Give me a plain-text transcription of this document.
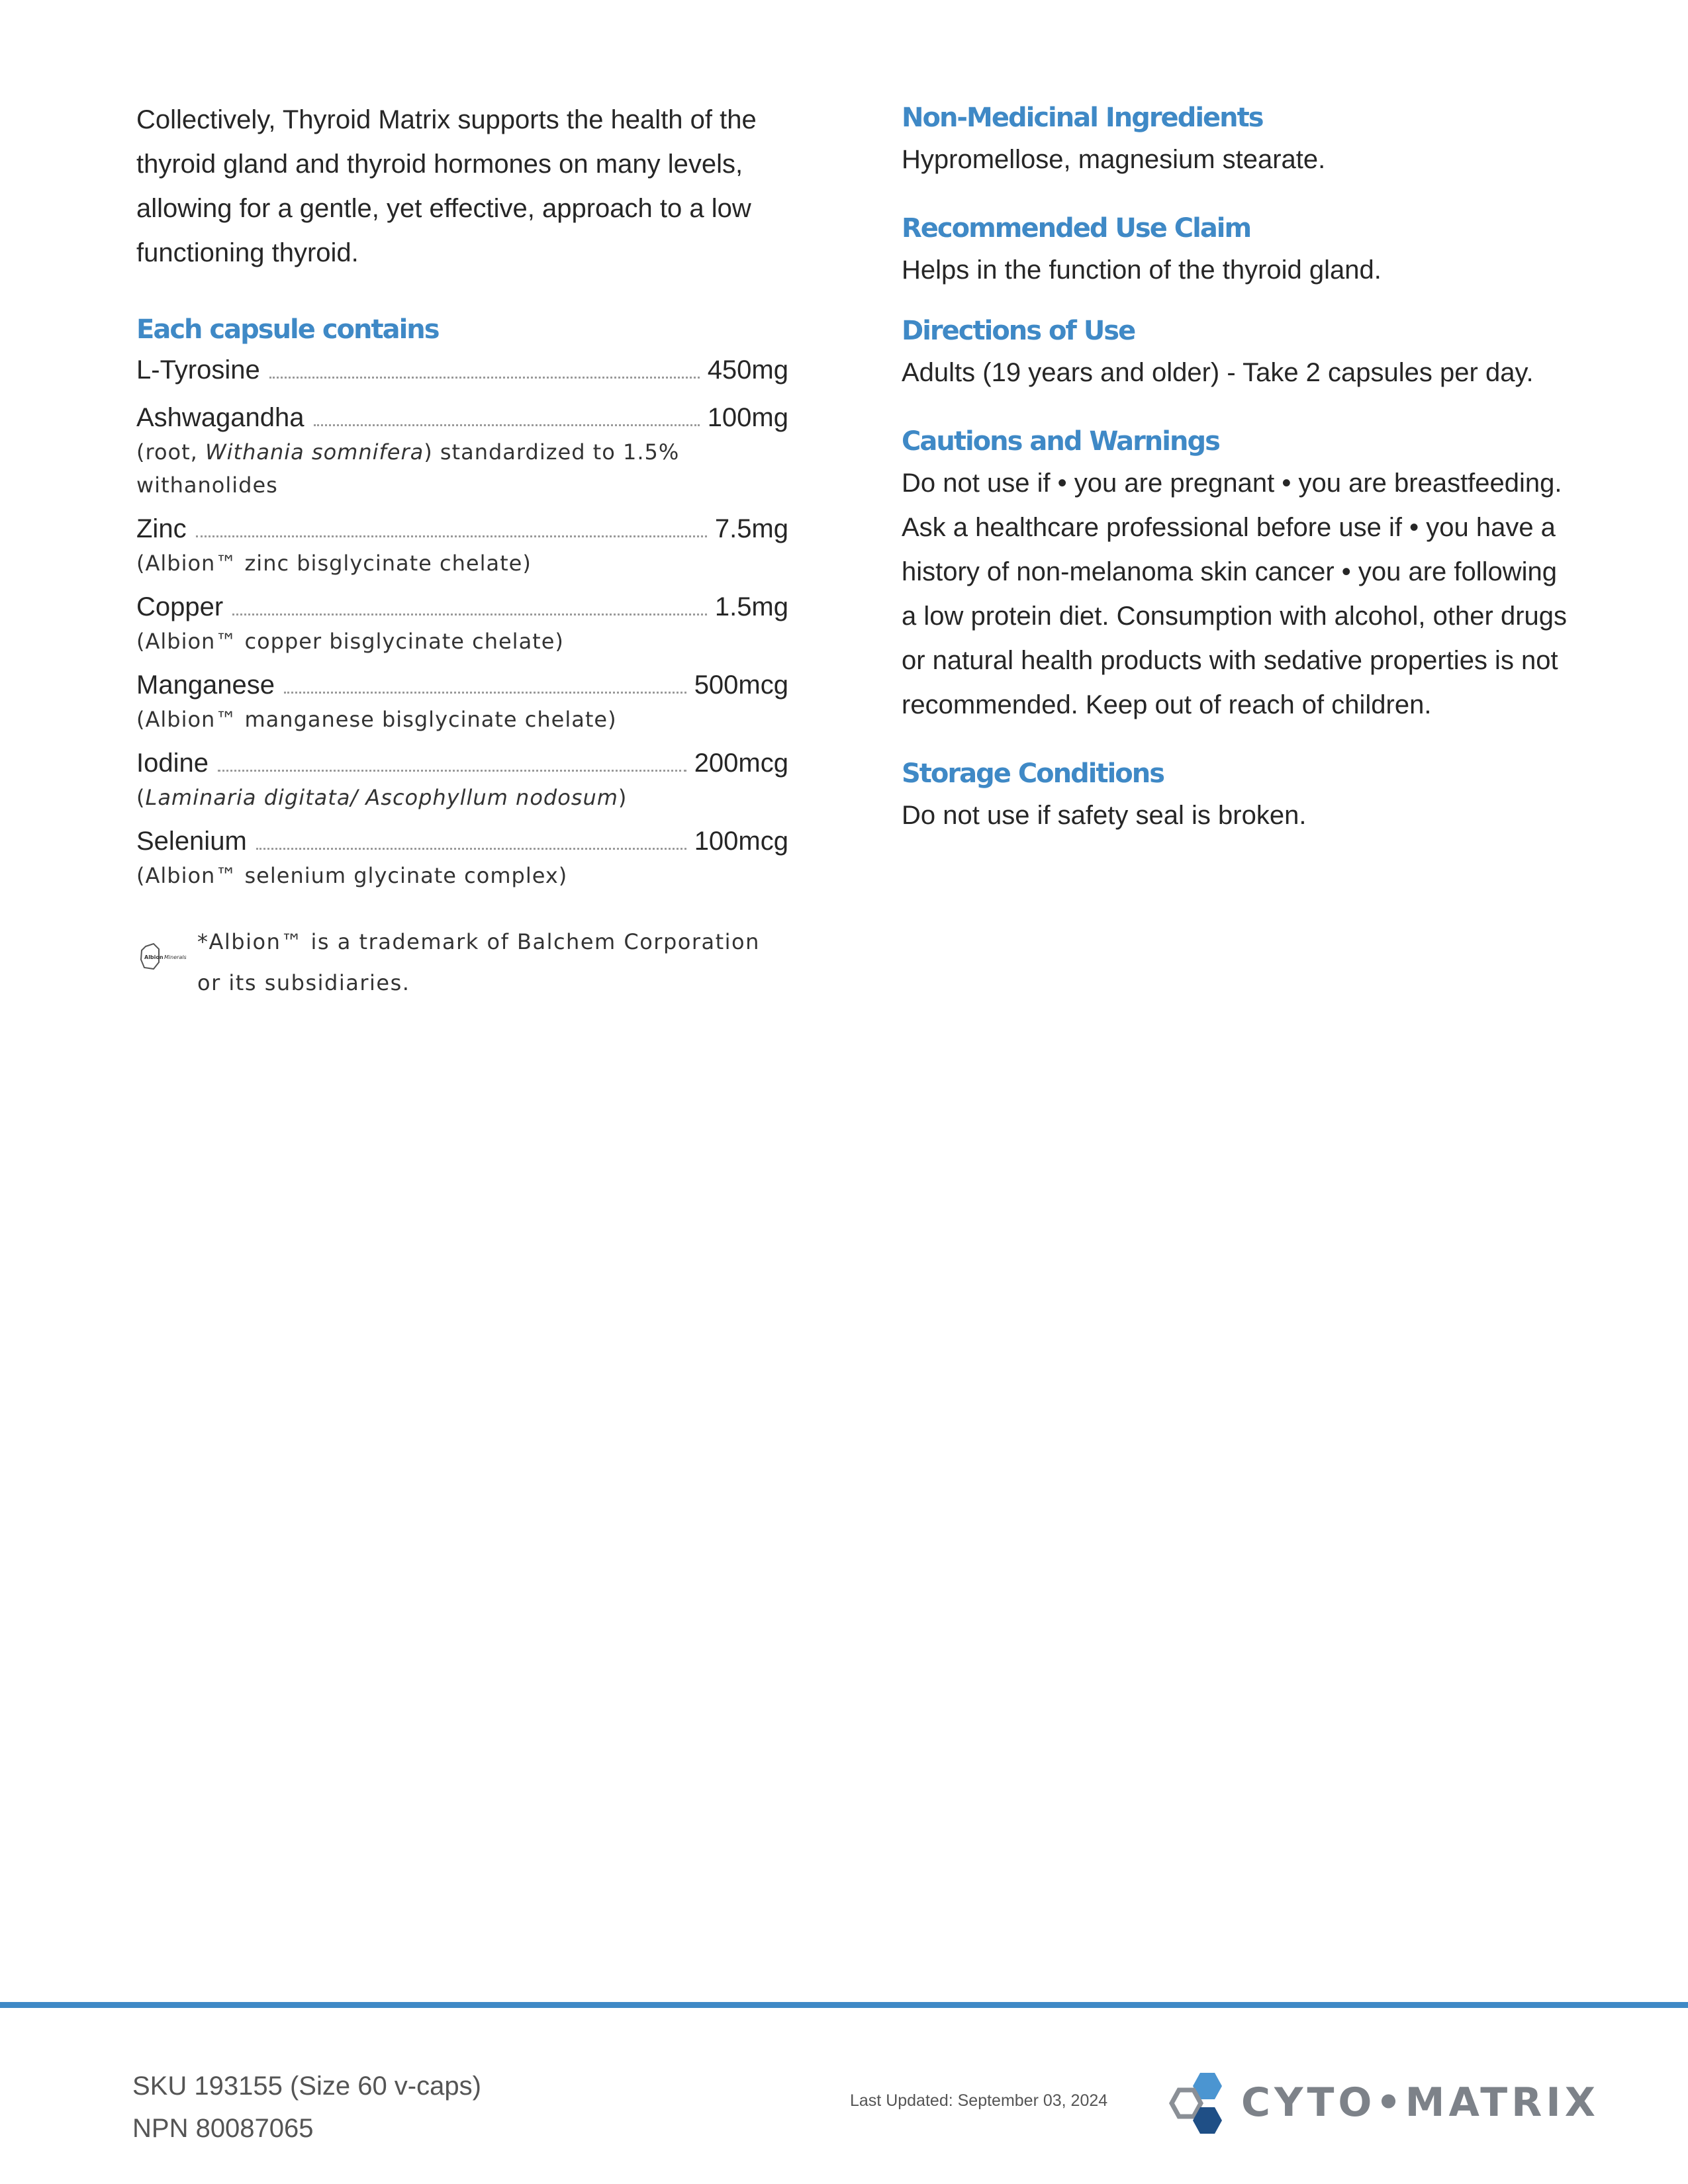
Collectively, Thyroid Matrix supports the health of the thyroid gland and thyroid hormones on many levels, allowing for a gentle, yet effective, approach to a low functioning thyroid.

Each capsule contains
L-Tyrosine	450mg
Ashwagandha	100mg
(root, Withania somnifera) standardized to 1.5% withanolides
Zinc	7.5mg
(Albion™ zinc bisglycinate chelate)
Copper	1.5mg
(Albion™ copper bisglycinate chelate)
Manganese	500mcg
(Albion™ manganese bisglycinate chelate)
Iodine	200mcg
(Laminaria digitata/ Ascophyllum nodosum)
Selenium	100mcg
(Albion™ selenium glycinate complex)
Albion Minerals
*Albion™ is a trademark of Balchem Corporation or its subsidiaries.
Non-Medicinal Ingredients

Hypromellose, magnesium stearate.

Recommended Use Claim

Helps in the function of the thyroid gland.

Directions of Use

Adults (19 years and older) - Take 2 capsules per day.

Cautions and Warnings

Do not use if • you are pregnant • you are breastfeeding. Ask a healthcare professional before use if • you have a history of non-melanoma skin cancer • you are following a low protein diet. Consumption with alcohol, other drugs or natural health products with sedative properties is not recommended. Keep out of reach of children.

Storage Conditions

Do not use if safety seal is broken.

SKU 193155 (Size 60 v-caps)
NPN 80087065
Last Updated: September 03, 2024	CYTO•MATRIX
